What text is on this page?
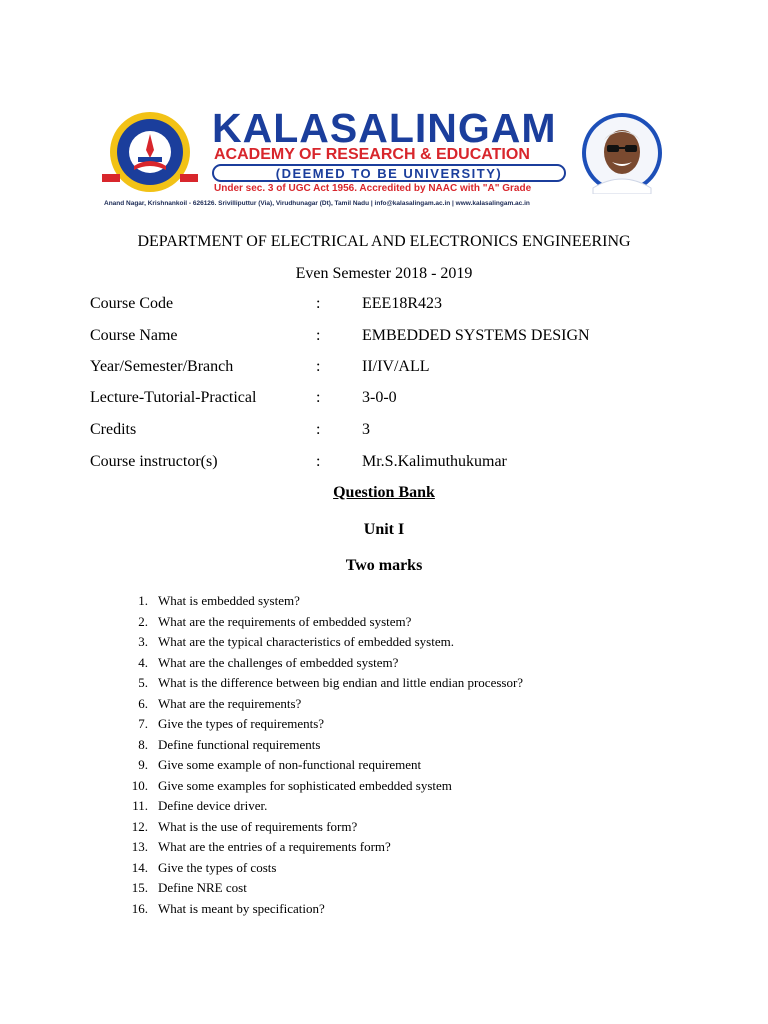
KALASALINGAM
ACADEMY OF RESEARCH & EDUCATION
(DEEMED TO BE UNIVERSITY)
Under sec. 3 of UGC Act 1956. Accredited by NAAC with "A" Grade
Anand Nagar, Krishnankoil - 626126. Srivilliputtur (Via), Virudhunagar (Dt), Tamil Nadu | info@kalasalingam.ac.in | www.kalasalingam.ac.in
DEPARTMENT OF ELECTRICAL AND ELECTRONICS ENGINEERING
Even Semester 2018 - 2019
Course Code	:	EEE18R423
Course Name	:	EMBEDDED SYSTEMS DESIGN
Year/Semester/Branch	:	II/IV/ALL
Lecture-Tutorial-Practical	:	3-0-0
Credits	:	3
Course instructor(s)	:	Mr.S.Kalimuthukumar
Question Bank
Unit I
Two marks
1. What is embedded system?
2. What are the requirements of embedded system?
3. What are the typical characteristics of embedded system.
4. What are the challenges of embedded system?
5. What is the difference between big endian and little endian processor?
6. What are the requirements?
7. Give the types of requirements?
8. Define functional requirements
9. Give some example of non-functional requirement
10. Give some examples for sophisticated embedded system
11. Define device driver.
12. What is the use of requirements form?
13. What are the entries of a requirements form?
14. Give the types of costs
15. Define NRE cost
16. What is meant by specification?
